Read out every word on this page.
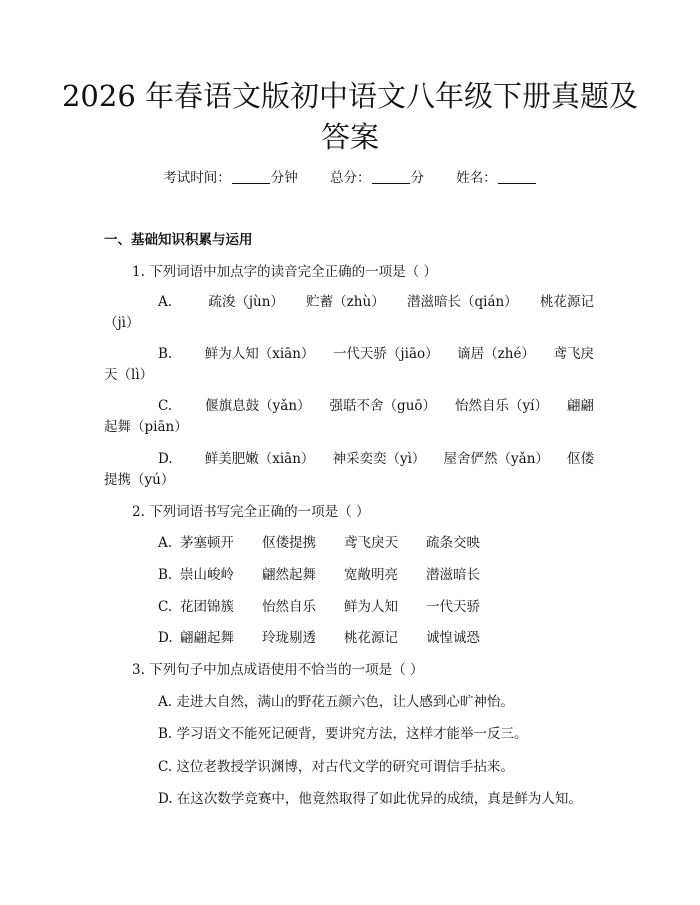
2026 年春语文版初中语文八年级下册真题及
答案
考试时间：	分钟 总分：	分 姓名：
一、基础知识积累与运用
1. 下列词语中加点字的读音完全正确的一项是（ ）
A.	疏浚（jùn） 贮蓄（zhù） 潜滋暗长（qián） 桃花源记
（jì）
B. 鲜为人知（xiān） 一代天骄（jiāo） 谪居（zhé） 鸢飞戾
天（lì）
C. 偃旗息鼓（yǎn） 强聒不舍（guō） 怡然自乐（yí） 翩翩
起舞（piān）
D. 鲜美肥嫩（xiān） 神采奕奕（yì） 屋舍俨然（yǎn） 伛偻
提携（yú）
2. 下列词语书写完全正确的一项是（ ）
A. 茅塞顿开 伛偻提携 鸢飞戾天 疏条交映
B. 崇山峻岭 翩然起舞 宽敞明亮 潜滋暗长
C. 花团锦簇 怡然自乐 鲜为人知 一代天骄
D. 翩翩起舞 玲珑剔透 桃花源记 诚惶诚恐
3. 下列句子中加点成语使用不恰当的一项是（ ）
A. 走进大自然，满山的野花五颜六色，让人感到心旷神怡。
B. 学习语文不能死记硬背，要讲究方法，这样才能举一反三。
C. 这位老教授学识渊博，对古代文学的研究可谓信手拈来。
D. 在这次数学竞赛中，他竟然取得了如此优异的成绩，真是鲜为人知。
